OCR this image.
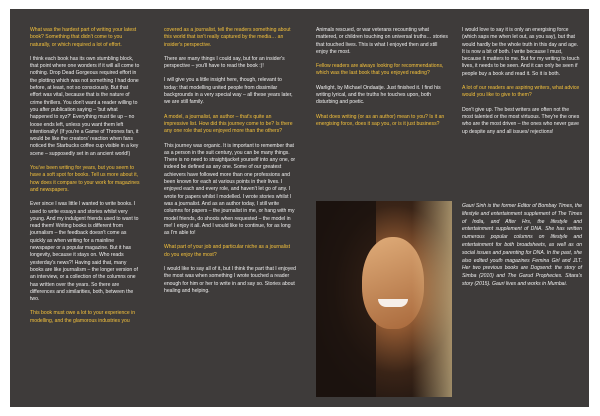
What was the hardest part of writing your latest book? Something that didn't come to you naturally, or which required a lot of effort.

I think each book has its own stumbling block, that point where one wonders if it will all come to nothing. Drop Dead Gorgeous required effort in the plotting which was not something I had done before, at least, not so consciously. But that effort was vital, because that is the nature of crime thrillers. You don't want a reader willing to you after publication saying – 'but what happened to xyz?' Everything must tie up – no loose ends left, unless you want them left intentionally! (If you're a Game of Thrones fan, it would be like the creators' reaction when fans noticed the Starbucks coffee cup visible in a key scene – supposedly set in an ancient world!)

You've been writing for years, but you seem to have a soft spot for books. Tell us more about it, how does it compare to your work for magazines and newspapers.

Ever since I was little I wanted to write books. I used to write essays and stories whilst very young. And my indulgent friends used to want to read them! Writing books is different from journalism – the feedback doesn't come as quickly as when writing for a mainline newspaper or a popular magazine. But it has longevity, because it stays on. Who reads yesterday's news?! Having said that, many books are like journalism – the longer version of an interview, or a collection of the columns one has written over the years. So there are differences and similarities, both, between the two.

This book must owe a lot to your experience in modelling, and the glamorous industries you

covered as a journalist, tell the readers something about this world that isn't really captured by the media… an insider's perspective.

There are many things I could say, but for an insider's perspective – you'll have to read the book :)!

I will give you a little insight here, though, relevant to today: that modelling united people from dissimilar backgrounds in a very special way – all these years later, we are still family.

A model, a journalist, an author – that's quite an impressive list. How did this journey come to be? Is there any one role that you enjoyed more than the others?

This journey was organic. It is important to remember that as a person in the suit century, you can be many things. There is no need to straightjacket yourself into any one, or indeed be defined as any one. Some of our greatest achievers have followed more than one professions and been known for each at various points in their lives. I enjoyed each and every role, and haven't let go of any. I wrote for papers whilst I modelled. I wrote stories whilst I was a journalist. And as an author today, I still write columns for papers – the journalist in me, or hang with my model friends, do shoots when requested – the model in me! I enjoy it all. And I would like to continue, for as long as I'm able to!

What part of your job and particular niche as a journalist do you enjoy the most?

I would like to say all of it, but I think the part that I enjoyed the most was when something I wrote touched a reader enough for him or her to write in and say so. Stories about healing and helping.

Animals rescued, or war veterans recounting what mattered, or children touching on universal truths… stories that touched lives. This is what I enjoyed then and still enjoy the most.

Fellow readers are always looking for recommendations, which was the last book that you enjoyed reading?

Warlight, by Michael Ondaatje. Just finished it. I find his writing lyrical, and the truths he touches upon, both disturbing and poetic.

What does writing (or as an author) mean to you? Is it an energising force, does it sap you, or is it just business?

I would love to say it is only an energising force (which saps me when let out, as you say), but that would hardly be the whole truth in this day and age. It is now a bit of both. I write because I must, because it matters to me. But for my writing to touch lives, it needs to be seen. And it can only be seen if people buy a book and read it. So it is both.

A lot of our readers are aspiring writers, what advice would you like to give to them?

Don't give up. The best writers are often not the most talented or the most virtuous. They're the ones who are the most driven – the ones who never gave up despite any and all issues/ rejections!

Gauri Sinh is the former Editor of Bombay Times, the lifestyle and entertainment supplement of The Times of India, and After Hrs, the lifestyle and entertainment supplement of DNA. She has written numerous popular columns on lifestyle and entertainment for both broadsheets, as well as on social issues and parenting for DNA. In the past, she also edited youth magazines Femina Girl and JLT. Her two previous books are Dogsend: the story of Simba (2010) and The Garud Prophecies. Sitara's story (2015). Gauri lives and works in Mumbai.
